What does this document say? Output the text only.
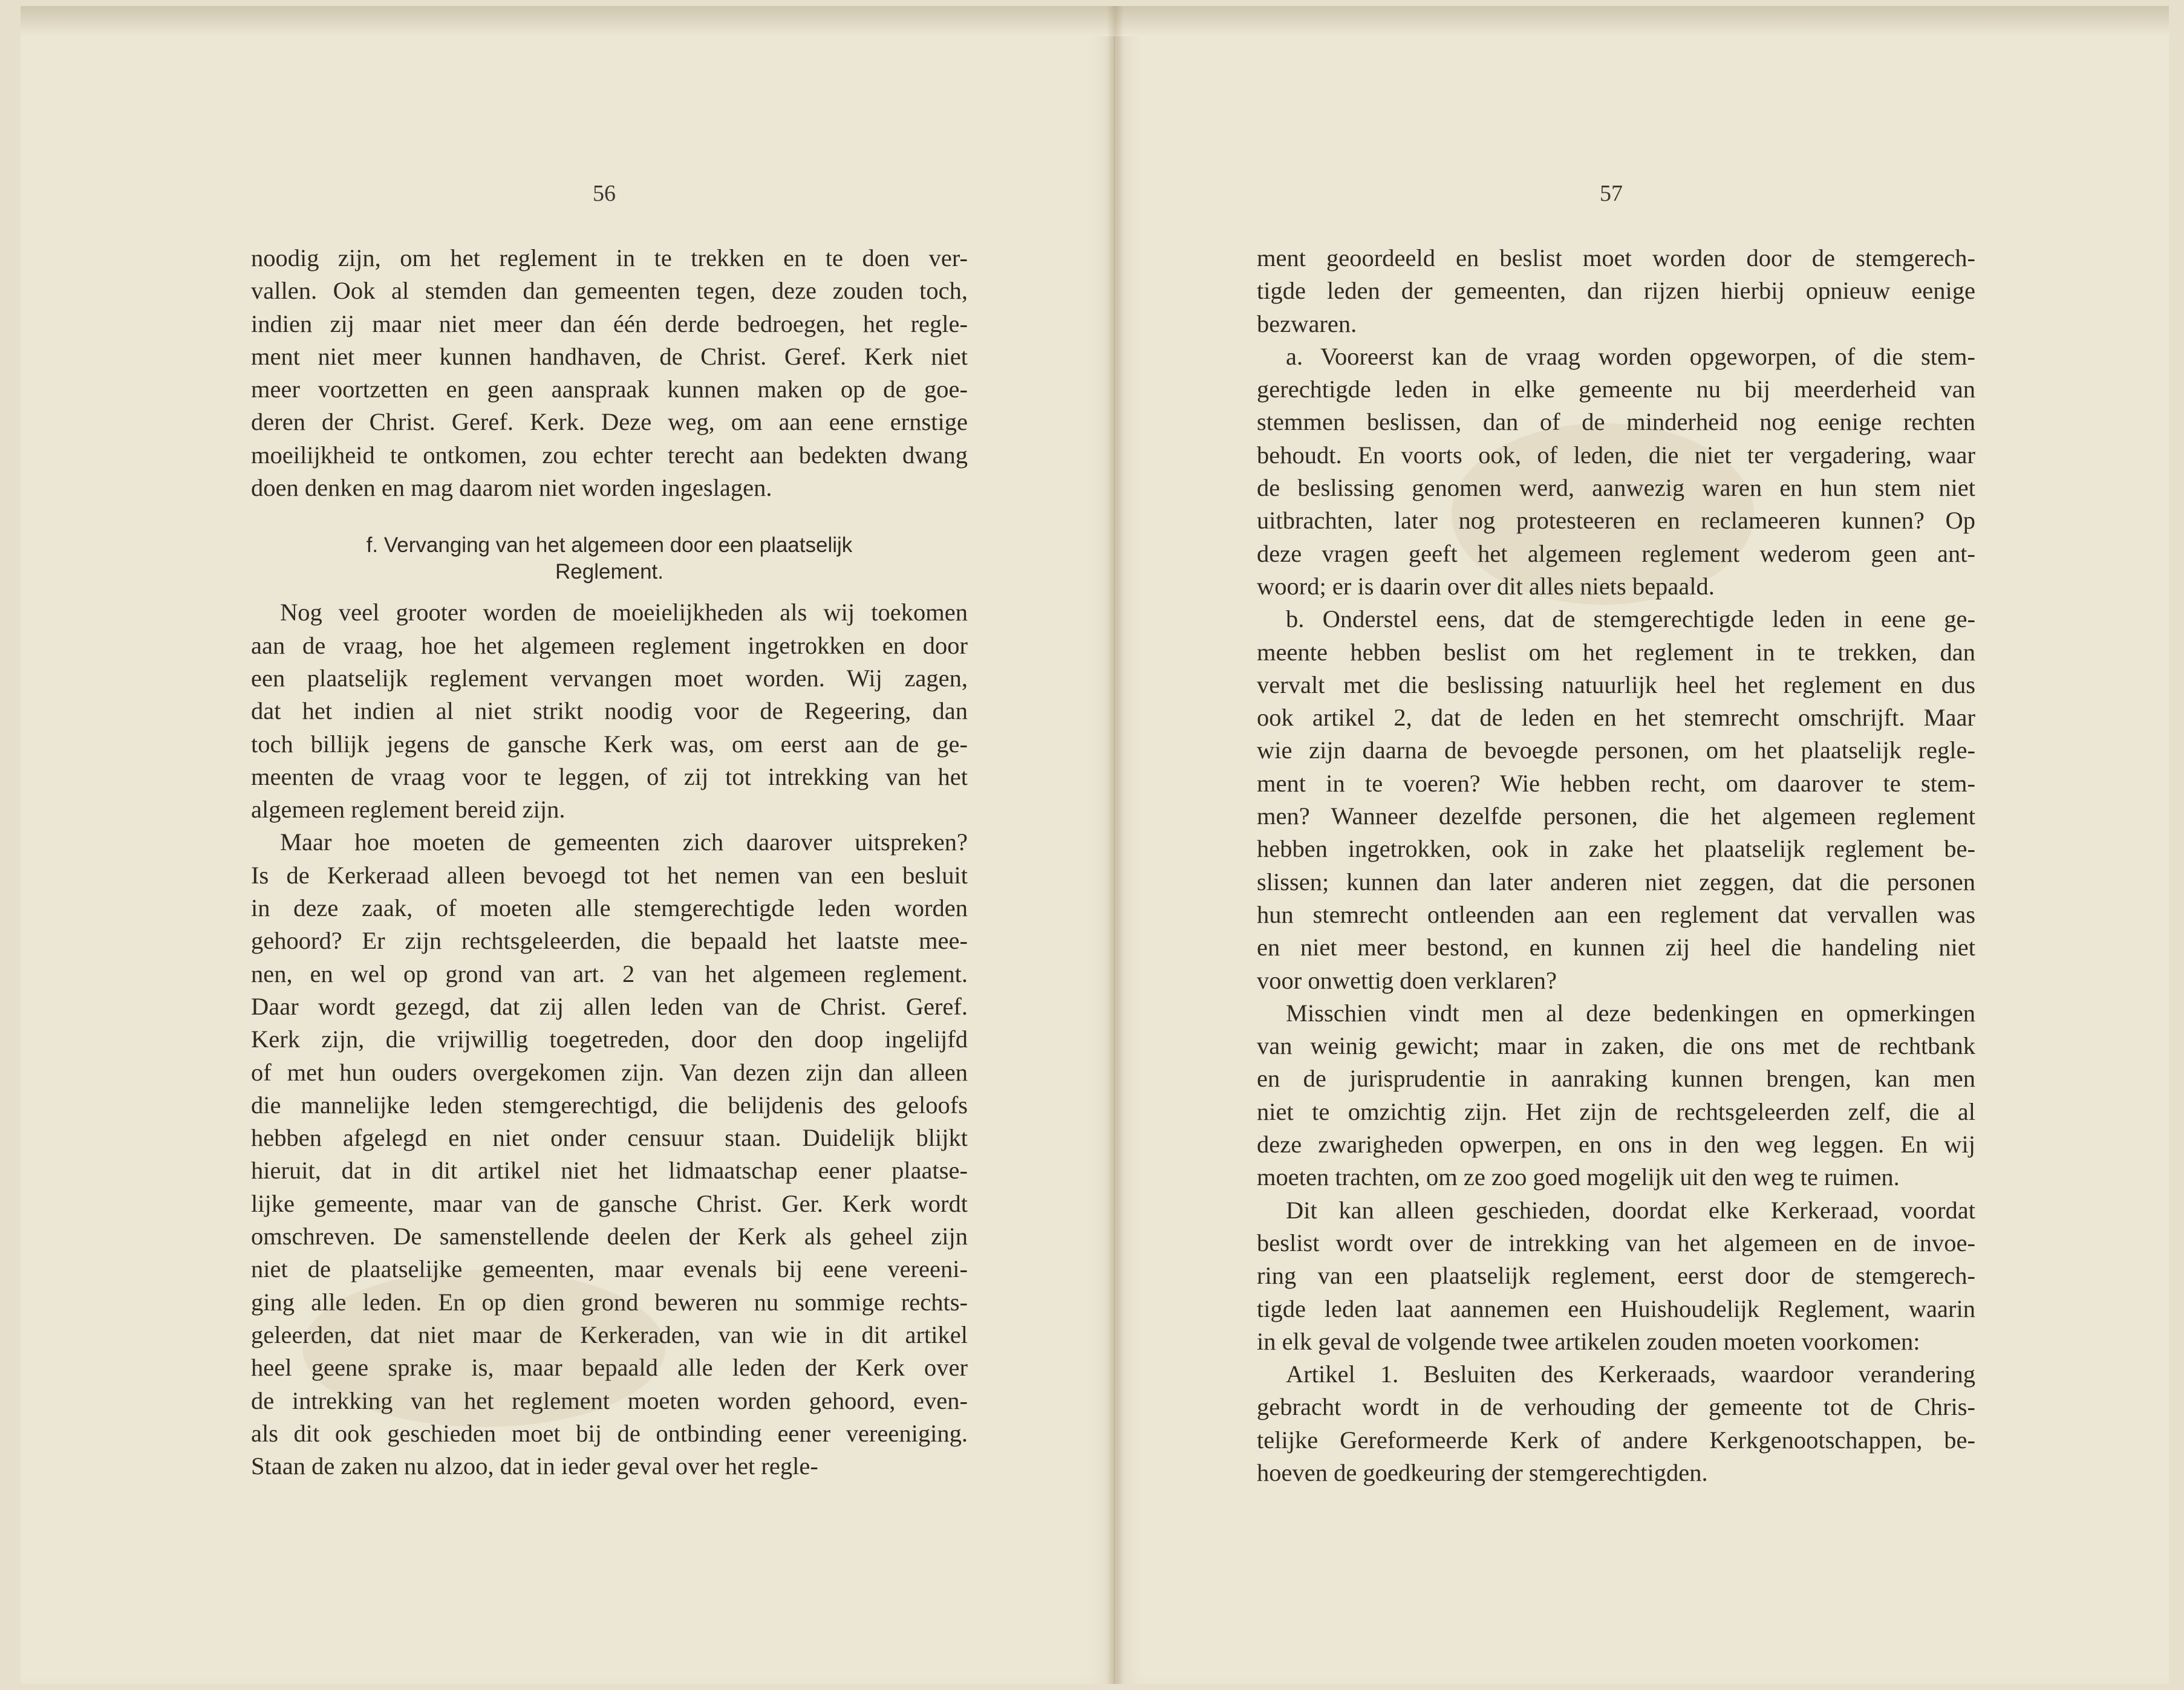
56	57
noodig zijn, om het reglement in te trekken en te doen ver-
vallen. Ook al stemden dan gemeenten tegen, deze zouden toch,
indien zij maar niet meer dan één derde bedroegen, het regle-
ment niet meer kunnen handhaven, de Christ. Geref. Kerk niet
meer voortzetten en geen aanspraak kunnen maken op de goe-
deren der Christ. Geref. Kerk. Deze weg, om aan eene ernstige
moeilijkheid te ontkomen, zou echter terecht aan bedekten dwang
doen denken en mag daarom niet worden ingeslagen.
f. Vervanging van het algemeen door een plaatselijk
Reglement.
Nog veel grooter worden de moeielijkheden als wij toekomen
aan de vraag, hoe het algemeen reglement ingetrokken en door
een plaatselijk reglement vervangen moet worden. Wij zagen,
dat het indien al niet strikt noodig voor de Regeering, dan
toch billijk jegens de gansche Kerk was, om eerst aan de ge-
meenten de vraag voor te leggen, of zij tot intrekking van het
algemeen reglement bereid zijn.
Maar hoe moeten de gemeenten zich daarover uitspreken?
Is de Kerkeraad alleen bevoegd tot het nemen van een besluit
in deze zaak, of moeten alle stemgerechtigde leden worden
gehoord? Er zijn rechtsgeleerden, die bepaald het laatste mee-
nen, en wel op grond van art. 2 van het algemeen reglement.
Daar wordt gezegd, dat zij allen leden van de Christ. Geref.
Kerk zijn, die vrijwillig toegetreden, door den doop ingelijfd
of met hun ouders overgekomen zijn. Van dezen zijn dan alleen
die mannelijke leden stemgerechtigd, die belijdenis des geloofs
hebben afgelegd en niet onder censuur staan. Duidelijk blijkt
hieruit, dat in dit artikel niet het lidmaatschap eener plaatse-
lijke gemeente, maar van de gansche Christ. Ger. Kerk wordt
omschreven. De samenstellende deelen der Kerk als geheel zijn
niet de plaatselijke gemeenten, maar evenals bij eene vereeni-
ging alle leden. En op dien grond beweren nu sommige rechts-
geleerden, dat niet maar de Kerkeraden, van wie in dit artikel
heel geene sprake is, maar bepaald alle leden der Kerk over
de intrekking van het reglement moeten worden gehoord, even-
als dit ook geschieden moet bij de ontbinding eener vereeniging.
Staan de zaken nu alzoo, dat in ieder geval over het regle-
ment geoordeeld en beslist moet worden door de stemgerech-
tigde leden der gemeenten, dan rijzen hierbij opnieuw eenige
bezwaren.
a. Vooreerst kan de vraag worden opgeworpen, of die stem-
gerechtigde leden in elke gemeente nu bij meerderheid van
stemmen beslissen, dan of de minderheid nog eenige rechten
behoudt. En voorts ook, of leden, die niet ter vergadering, waar
de beslissing genomen werd, aanwezig waren en hun stem niet
uitbrachten, later nog protesteeren en reclameeren kunnen? Op
deze vragen geeft het algemeen reglement wederom geen ant-
woord; er is daarin over dit alles niets bepaald.
b. Onderstel eens, dat de stemgerechtigde leden in eene ge-
meente hebben beslist om het reglement in te trekken, dan
vervalt met die beslissing natuurlijk heel het reglement en dus
ook artikel 2, dat de leden en het stemrecht omschrijft. Maar
wie zijn daarna de bevoegde personen, om het plaatselijk regle-
ment in te voeren? Wie hebben recht, om daarover te stem-
men? Wanneer dezelfde personen, die het algemeen reglement
hebben ingetrokken, ook in zake het plaatselijk reglement be-
slissen; kunnen dan later anderen niet zeggen, dat die personen
hun stemrecht ontleenden aan een reglement dat vervallen was
en niet meer bestond, en kunnen zij heel die handeling niet
voor onwettig doen verklaren?
Misschien vindt men al deze bedenkingen en opmerkingen
van weinig gewicht; maar in zaken, die ons met de rechtbank
en de jurisprudentie in aanraking kunnen brengen, kan men
niet te omzichtig zijn. Het zijn de rechtsgeleerden zelf, die al
deze zwarigheden opwerpen, en ons in den weg leggen. En wij
moeten trachten, om ze zoo goed mogelijk uit den weg te ruimen.
Dit kan alleen geschieden, doordat elke Kerkeraad, voordat
beslist wordt over de intrekking van het algemeen en de invoe-
ring van een plaatselijk reglement, eerst door de stemgerech-
tigde leden laat aannemen een Huishoudelijk Reglement, waarin
in elk geval de volgende twee artikelen zouden moeten voorkomen:
Artikel 1. Besluiten des Kerkeraads, waardoor verandering
gebracht wordt in de verhouding der gemeente tot de Chris-
telijke Gereformeerde Kerk of andere Kerkgenootschappen, be-
hoeven de goedkeuring der stemgerechtigden.
